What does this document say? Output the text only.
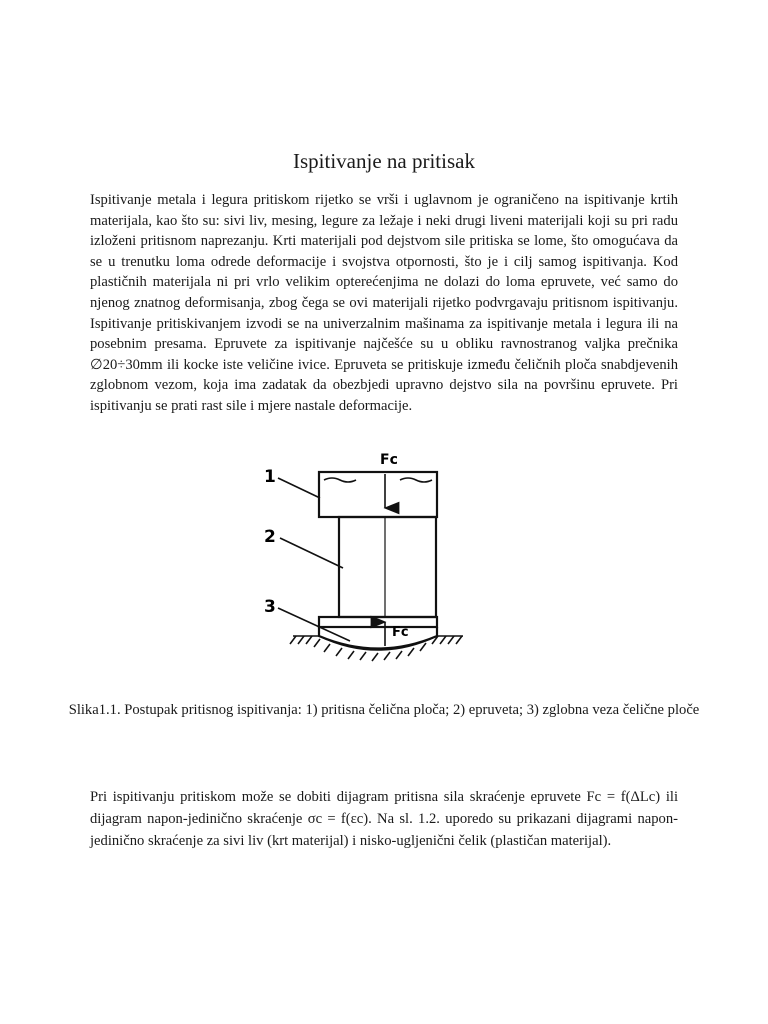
Ispitivanje na pritisak

Ispitivanje metala i legura pritiskom rijetko se vrši i uglavnom je ograničeno na ispitivanje krtih materijala, kao što su: sivi liv, mesing, legure za ležaje i neki drugi liveni materijali koji su pri radu izloženi pritisnom naprezanju. Krti materijali pod dejstvom sile pritiska se lome, što omogućava da se u trenutku loma odrede deformacije i svojstva otpornosti, što je i cilj samog ispitivanja. Kod plastičnih materijala ni pri vrlo velikim opterećenjima ne dolazi do loma epruvete, već samo do njenog znatnog deformisanja, zbog čega se ovi materijali rijetko podvrgavaju pritisnom ispitivanju. Ispitivanje pritiskivanjem izvodi se na univerzalnim mašinama za ispitivanje metala i legura ili na posebnim presama. Epruvete za ispitivanje najčešće su u obliku ravnostranog valjka prečnika ∅20÷30mm ili kocke iste veličine ivice. Epruveta se pritiskuje između čeličnih ploča snabdjevenih zglobnom vezom, koja ima zadatak da obezbjedi upravno dejstvo sila na površinu epruvete. Pri ispitivanju se prati rast sile i mjere nastale deformacije.

1
2
3
Fc
Fc

Slika1.1. Postupak pritisnog ispitivanja: 1) pritisna čelična ploča; 2) epruveta; 3) zglobna veza čelične ploče

Pri ispitivanju pritiskom može se dobiti dijagram pritisna sila skraćenje epruvete Fc = f(ΔLc) ili dijagram napon-jedinično skraćenje σc = f(εc). Na sl. 1.2. uporedo su prikazani dijagrami napon-jedinično skraćenje za sivi liv (krt materijal) i nisko-ugljenični čelik (plastičan materijal).
